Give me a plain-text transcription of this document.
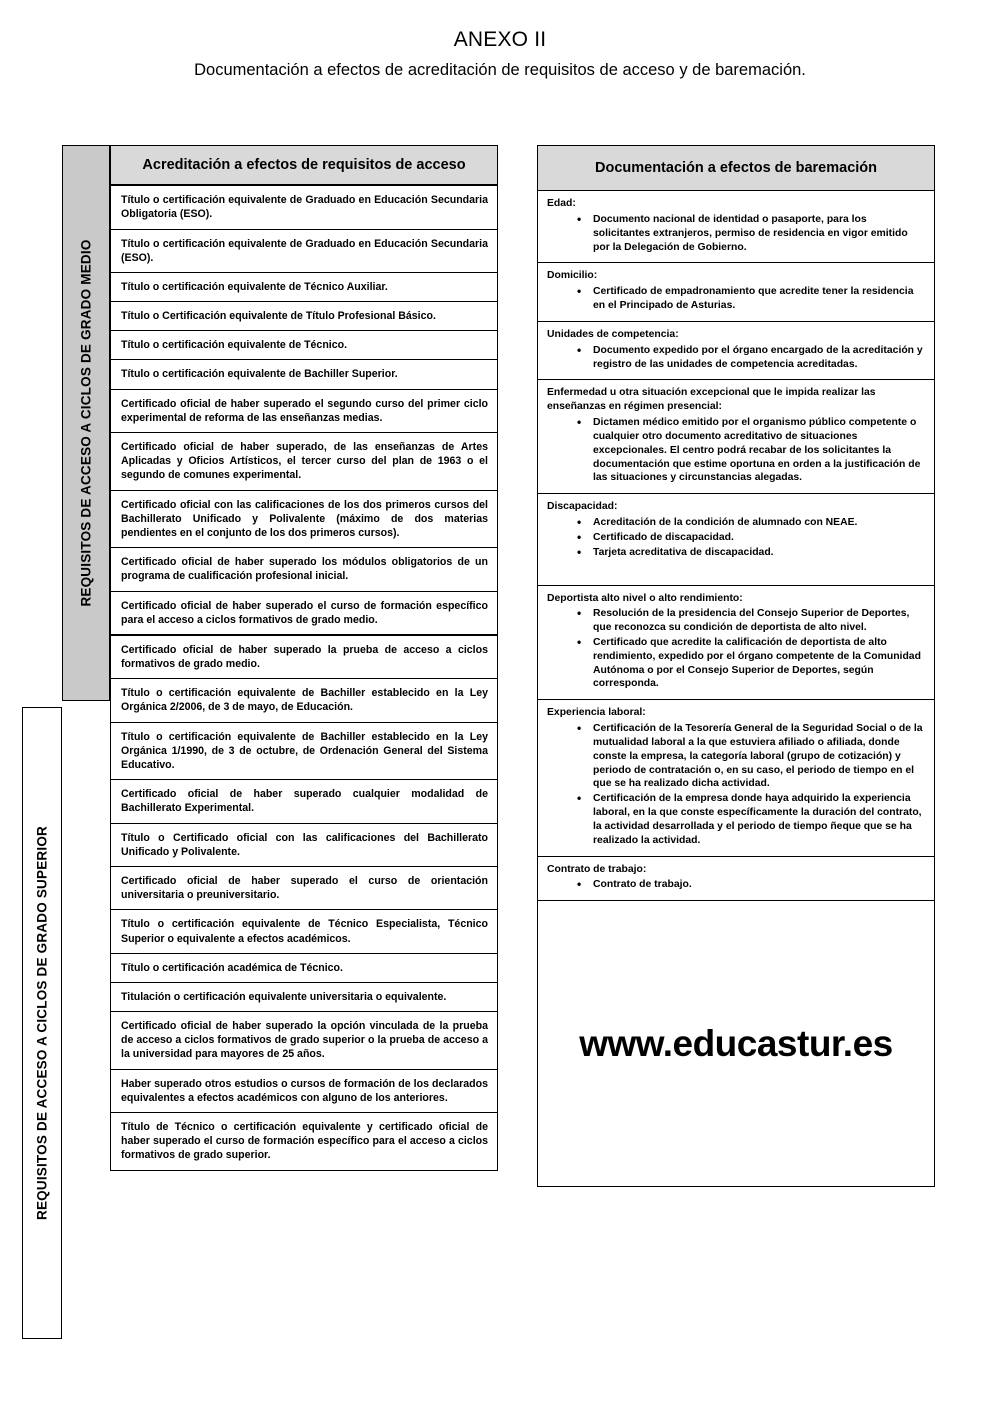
ANEXO II
Documentación a efectos de acreditación de requisitos de acceso y de baremación.
REQUISITOS DE ACCESO A CICLOS DE GRADO SUPERIOR
REQUISITOS DE ACCESO A CICLOS DE GRADO MEDIO
Acreditación a efectos de requisitos de acceso
Título o certificación equivalente de Graduado en Educación Secundaria Obligatoria (ESO).
Título o certificación equivalente de Graduado en Educación Secundaria (ESO).
Título o certificación equivalente de Técnico Auxiliar.
Título o Certificación equivalente de Título Profesional Básico.
Título o certificación equivalente de Técnico.
Título o certificación equivalente de Bachiller Superior.
Certificado oficial de haber superado el segundo curso del primer ciclo experimental de reforma de las enseñanzas medias.
Certificado oficial de haber superado, de las enseñanzas de Artes Aplicadas y Oficios Artísticos, el tercer curso del plan de 1963 o el segundo de comunes experimental.
Certificado oficial con las calificaciones de los dos primeros cursos del Bachillerato Unificado y Polivalente (máximo de dos materias pendientes en el conjunto de los dos primeros cursos).
Certificado oficial de haber superado los módulos obligatorios de un programa de cualificación profesional inicial.
Certificado oficial de haber superado el curso de formación específico para el acceso a ciclos formativos de grado medio.
Certificado oficial de haber superado la prueba de acceso a ciclos formativos de grado medio.
Título o certificación equivalente de Bachiller establecido en la Ley Orgánica 2/2006, de 3 de mayo, de Educación.
Título o certificación equivalente de Bachiller establecido en la Ley Orgánica 1/1990, de 3 de octubre, de Ordenación General del Sistema Educativo.
Certificado oficial de haber superado cualquier modalidad de Bachillerato Experimental.
Título o Certificado oficial con las calificaciones del Bachillerato Unificado y Polivalente.
Certificado oficial de haber superado el curso de orientación universitaria o preuniversitario.
Título o certificación equivalente de Técnico Especialista, Técnico Superior o equivalente a efectos académicos.
Título o certificación académica de Técnico.
Titulación o certificación equivalente universitaria o equivalente.
Certificado oficial de haber superado la opción vinculada de la prueba de acceso a ciclos formativos de grado superior o la prueba de acceso a la universidad para mayores de 25 años.
Haber superado otros estudios o cursos de formación de los declarados equivalentes a efectos académicos con alguno de los anteriores.
Título de Técnico o certificación equivalente y certificado oficial de haber superado el curso de formación específico para el acceso a ciclos formativos de grado superior.
Documentación a efectos de baremación
Edad:
• Documento nacional de identidad o pasaporte, para los solicitantes extranjeros, permiso de residencia en vigor emitido por la Delegación de Gobierno.
Domicilio:
• Certificado de empadronamiento que acredite tener la residencia en el Principado de Asturias.
Unidades de competencia:
• Documento expedido por el órgano encargado de la acreditación y registro de las unidades de competencia acreditadas.
Enfermedad u otra situación excepcional que le impida realizar las enseñanzas en régimen presencial:
• Dictamen médico emitido por el organismo público competente o cualquier otro documento acreditativo de situaciones excepcionales. El centro podrá recabar de los solicitantes la documentación que estime oportuna en orden a la justificación de las situaciones y circunstancias alegadas.
Discapacidad:
• Acreditación de la condición de alumnado con NEAE.
• Certificado de discapacidad.
• Tarjeta acreditativa de discapacidad.
Deportista alto nivel o alto rendimiento:
• Resolución de la presidencia del Consejo Superior de Deportes, que reconozca su condición de deportista de alto nivel.
• Certificado que acredite la calificación de deportista de alto rendimiento, expedido por el órgano competente de la Comunidad Autónoma o por el Consejo Superior de Deportes, según corresponda.
Experiencia laboral:
• Certificación de la Tesorería General de la Seguridad Social o de la mutualidad laboral a la que estuviera afiliado o afiliada, donde conste la empresa, la categoría laboral (grupo de cotización) y periodo de contratación o, en su caso, el periodo de tiempo en el que se ha realizado dicha actividad.
• Certificación de la empresa donde haya adquirido la experiencia laboral, en la que conste específicamente la duración del contrato, la actividad desarrollada y el periodo de tiempo ñeque que se ha realizado la actividad.
Contrato de trabajo:
• Contrato de trabajo.
www.educastur.es
